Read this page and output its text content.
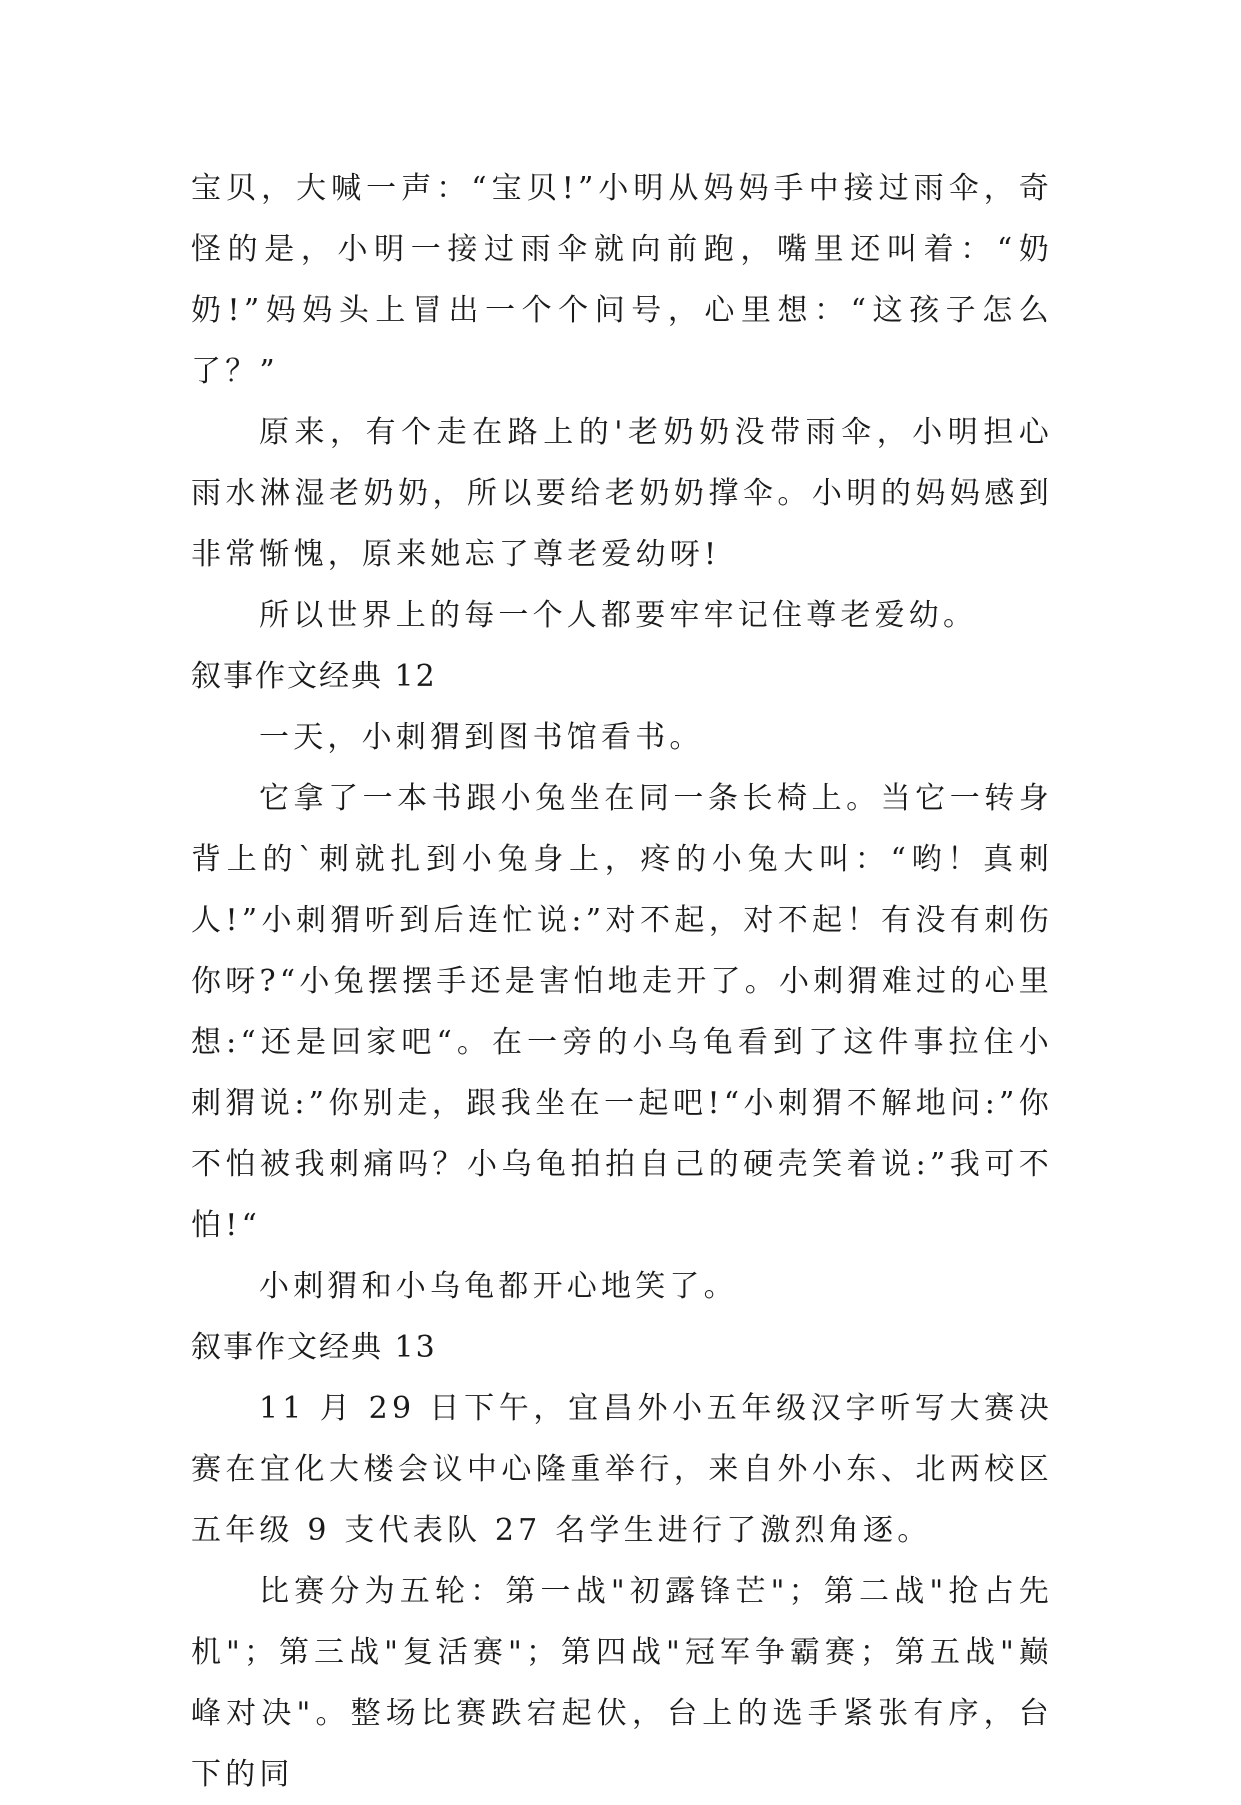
宝贝，大喊一声：“宝贝!”小明从妈妈手中接过雨伞，奇怪的是，小明一接过雨伞就向前跑，嘴里还叫着：“奶奶!”妈妈头上冒出一个个问号，心里想：“这孩子怎么了？”

原来，有个走在路上的'老奶奶没带雨伞，小明担心雨水淋湿老奶奶，所以要给老奶奶撑伞。小明的妈妈感到非常惭愧，原来她忘了尊老爱幼呀!

所以世界上的每一个人都要牢牢记住尊老爱幼。

叙事作文经典 12

一天，小刺猬到图书馆看书。

它拿了一本书跟小兔坐在同一条长椅上。当它一转身背上的`刺就扎到小兔身上，疼的小兔大叫：“哟！真刺人!”小刺猬听到后连忙说:”对不起，对不起！有没有刺伤你呀?“小兔摆摆手还是害怕地走开了。小刺猬难过的心里想:“还是回家吧“。在一旁的小乌龟看到了这件事拉住小刺猬说:”你别走，跟我坐在一起吧!“小刺猬不解地问:”你不怕被我刺痛吗？小乌龟拍拍自己的硬壳笑着说:”我可不怕!“

小刺猬和小乌龟都开心地笑了。

叙事作文经典 13

11 月 29 日下午，宜昌外小五年级汉字听写大赛决赛在宜化大楼会议中心隆重举行，来自外小东、北两校区五年级 9 支代表队 27 名学生进行了激烈角逐。

比赛分为五轮：第一战"初露锋芒"；第二战"抢占先机"；第三战"复活赛"；第四战"冠军争霸赛；第五战"巅峰对决"。整场比赛跌宕起伏，台上的选手紧张有序，台下的同
